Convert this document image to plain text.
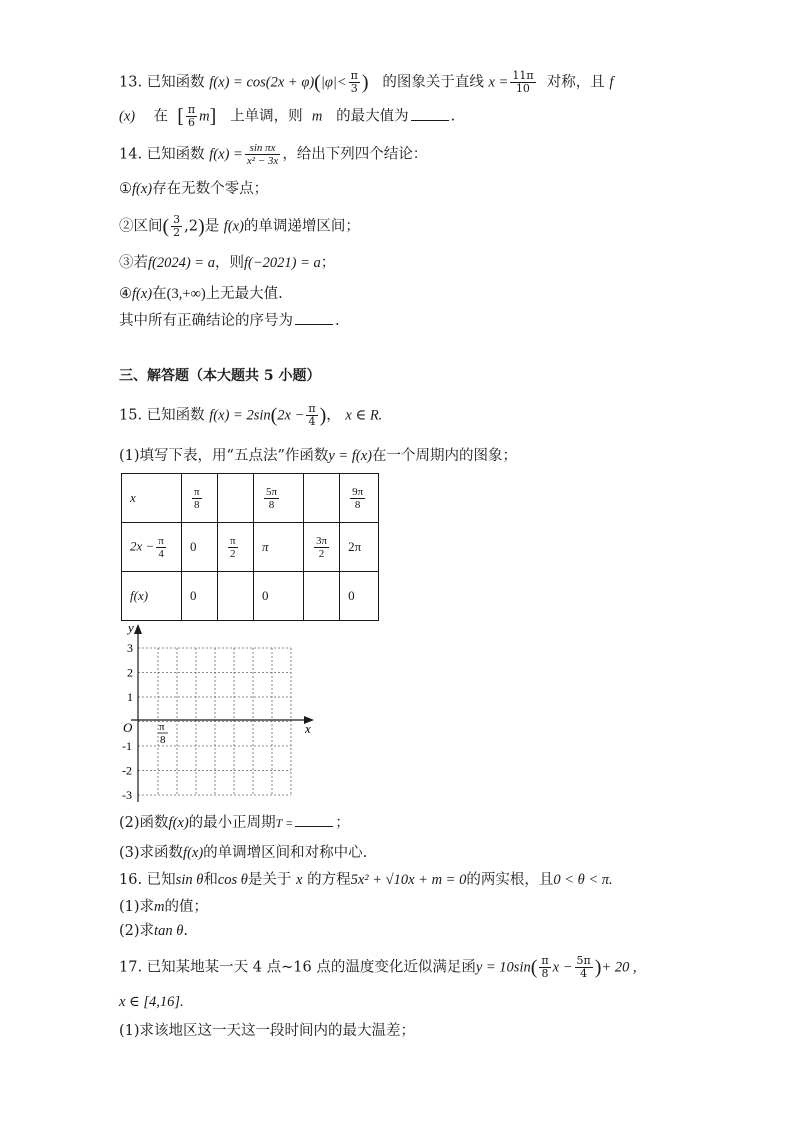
13. 已知函数 $f(x) = \cos(2x + \varphi)(|\varphi|< \frac{\pi}{3}$ ) 的图象关于直线 $x = \frac{11\pi}{10}$ 对称，且 f
(x) 在 [ $\frac{\pi}{6} m$] 上单调，则 m 的最大值为	.
14. 已知函数 $f(x) = \frac{\text{sin πx}}{\text{x² − 3x}}$ ，给出下列四个结论：
①f(x)存在无数个零点；
②区间( $\frac{3}{2} ,2$)是 f(x)的单调递增区间；
③若f(2024) = a，则f(−2021) = a；
④f(x)在(3,+∞)上无最大值.
其中所有正确结论的序号为	.
三、解答题（本大题共 5 小题）
15. 已知函数 $f(x) = 2\sin(2x - \frac{\pi}{4}$ )， x ∈ R.
(1)填写下表，用“五点法”作函数y = f(x)在一个周期内的图象；
x	$\frac{\pi}{8}$		$\frac{5\pi}{8}$		$\frac{9\pi}{8}$

$2x - \frac{\pi}{4}$	0	$\frac{\pi}{2}$	π	$\frac{3\pi}{2}$	2π
f(x)	0		0		0
y
x
O
3
2
1
-1
-2
-3
π
8
(2)函数f(x)的最小正周期T =	；
(3)求函数f(x)的单调增区间和对称中心.
16. 已知sin θ和cos θ是关于 x 的方程5x² + √10x + m = 0的两实根，且0 < θ < π.
(1)求m的值；
(2)求tan θ.
17. 已知某地某一天 4 点~16 点的温度变化近似满足函$y = 10\sin( \frac{\pi}{8}$ $x - \frac{5\pi}{4}$ )+ 20 ,
x ∈ [4,16].
(1)求该地区这一天这一段时间内的最大温差；
